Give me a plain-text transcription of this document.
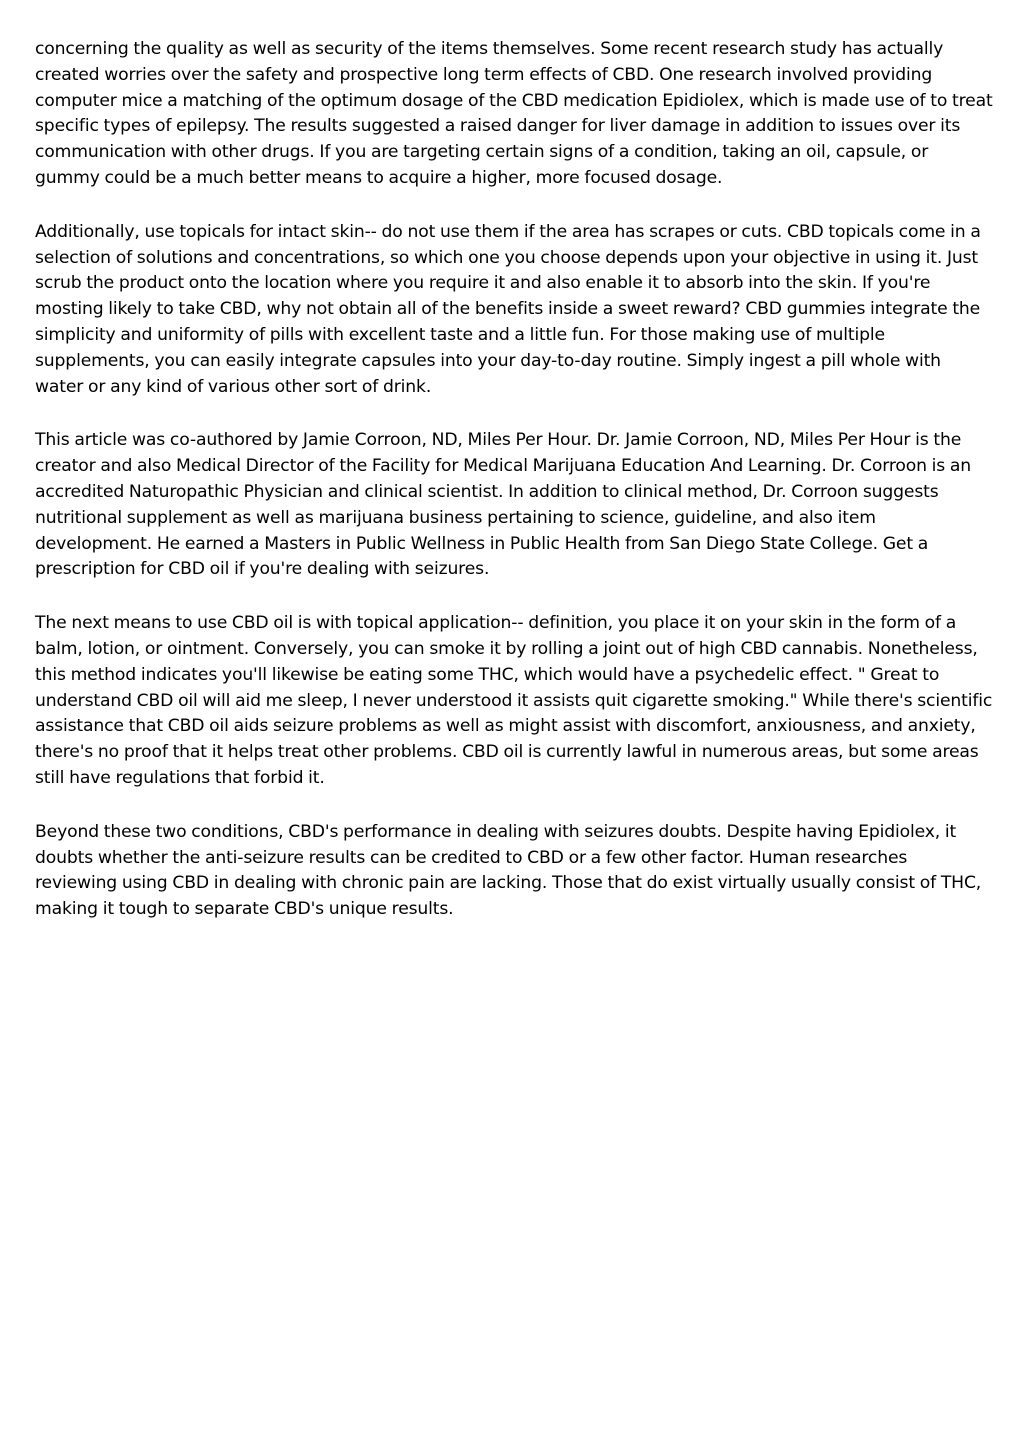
concerning the quality as well as security of the items themselves. Some recent research study has actually created worries over the safety and prospective long term effects of CBD. One research involved providing computer mice a matching of the optimum dosage of the CBD medication Epidiolex, which is made use of to treat specific types of epilepsy. The results suggested a raised danger for liver damage in addition to issues over its communication with other drugs. If you are targeting certain signs of a condition, taking an oil, capsule, or gummy could be a much better means to acquire a higher, more focused dosage.

Additionally, use topicals for intact skin-- do not use them if the area has scrapes or cuts. CBD topicals come in a selection of solutions and concentrations, so which one you choose depends upon your objective in using it. Just scrub the product onto the location where you require it and also enable it to absorb into the skin. If you're mosting likely to take CBD, why not obtain all of the benefits inside a sweet reward? CBD gummies integrate the simplicity and uniformity of pills with excellent taste and a little fun. For those making use of multiple supplements, you can easily integrate capsules into your day-to-day routine. Simply ingest a pill whole with water or any kind of various other sort of drink.

This article was co-authored by Jamie Corroon, ND, Miles Per Hour. Dr. Jamie Corroon, ND, Miles Per Hour is the creator and also Medical Director of the Facility for Medical Marijuana Education And Learning. Dr. Corroon is an accredited Naturopathic Physician and clinical scientist. In addition to clinical method, Dr. Corroon suggests nutritional supplement as well as marijuana business pertaining to science, guideline, and also item development. He earned a Masters in Public Wellness in Public Health from San Diego State College. Get a prescription for CBD oil if you're dealing with seizures.

The next means to use CBD oil is with topical application-- definition, you place it on your skin in the form of a balm, lotion, or ointment. Conversely, you can smoke it by rolling a joint out of high CBD cannabis. Nonetheless, this method indicates you'll likewise be eating some THC, which would have a psychedelic effect. " Great to understand CBD oil will aid me sleep, I never understood it assists quit cigarette smoking." While there's scientific assistance that CBD oil aids seizure problems as well as might assist with discomfort, anxiousness, and anxiety, there's no proof that it helps treat other problems. CBD oil is currently lawful in numerous areas, but some areas still have regulations that forbid it.

Beyond these two conditions, CBD's performance in dealing with seizures doubts. Despite having Epidiolex, it doubts whether the anti-seizure results can be credited to CBD or a few other factor. Human researches reviewing using CBD in dealing with chronic pain are lacking. Those that do exist virtually usually consist of THC, making it tough to separate CBD's unique results.
